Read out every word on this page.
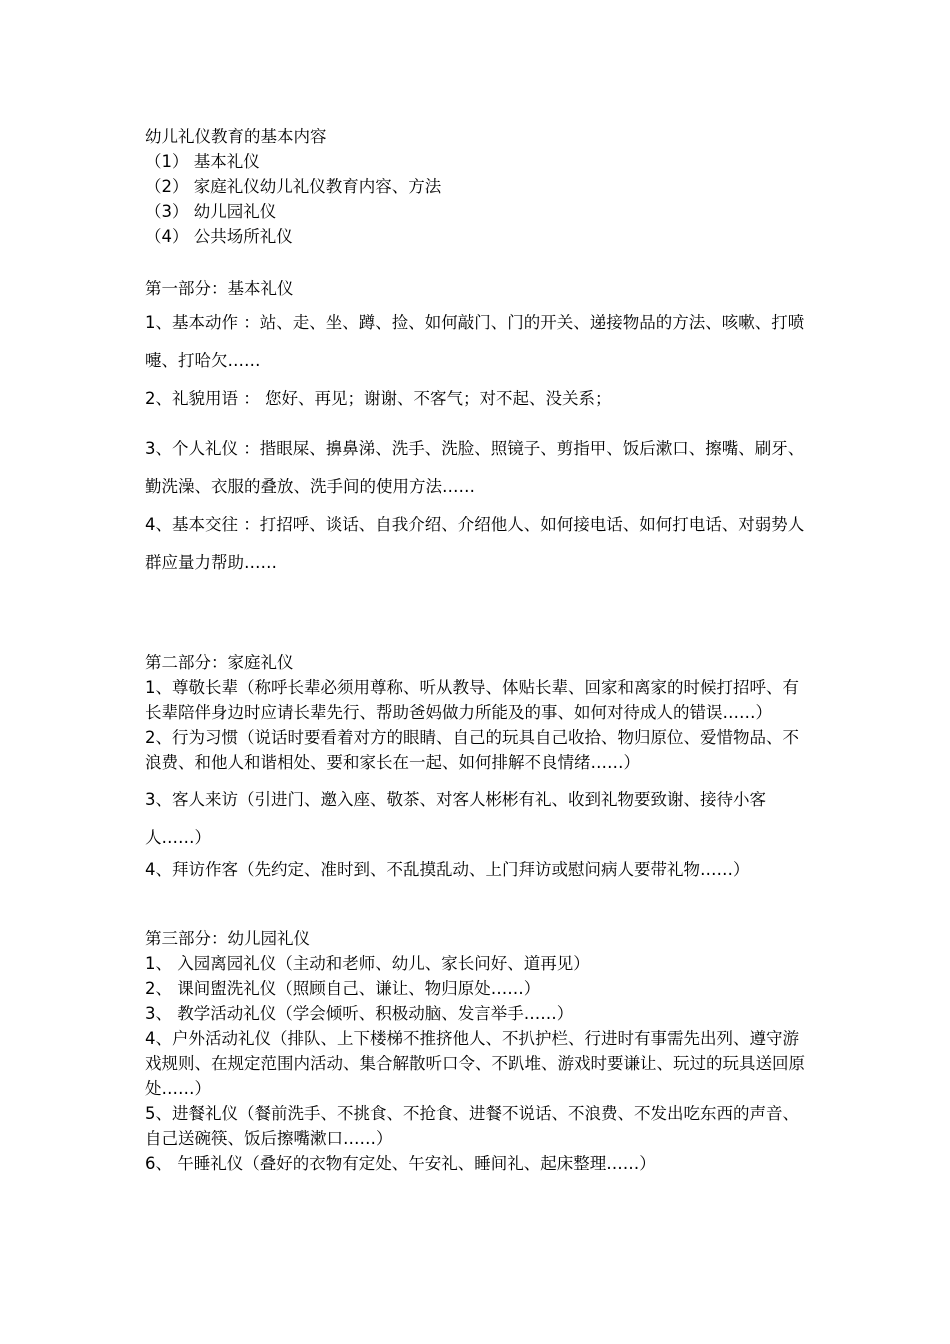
幼儿礼仪教育的基本内容
（1） 基本礼仪
（2） 家庭礼仪幼儿礼仪教育内容、方法
（3） 幼儿园礼仪
（4） 公共场所礼仪
第一部分：基本礼仪
1、基本动作 ：站、走、坐、蹲、捡、如何敲门、门的开关、递接物品的方法、咳嗽、打喷嚏、打哈欠……
2、礼貌用语 ： 您好、再见；谢谢、不客气；对不起、没关系；
3、个人礼仪 ：揩眼屎、擤鼻涕、洗手、洗脸、照镜子、剪指甲、饭后漱口、擦嘴、刷牙、勤洗澡、衣服的叠放、洗手间的使用方法……
4、基本交往 ：打招呼、谈话、自我介绍、介绍他人、如何接电话、如何打电话、对弱势人群应量力帮助……
第二部分：家庭礼仪
1、尊敬长辈（称呼长辈必须用尊称、听从教导、体贴长辈、回家和离家的时候打招呼、有长辈陪伴身边时应请长辈先行、帮助爸妈做力所能及的事、如何对待成人的错误……）
2、行为习惯（说话时要看着对方的眼睛、自己的玩具自己收拾、物归原位、爱惜物品、不浪费、和他人和谐相处、要和家长在一起、如何排解不良情绪……）
3、客人来访（引进门、邀入座、敬茶、对客人彬彬有礼、收到礼物要致谢、接待小客人……）
4、拜访作客（先约定、准时到、不乱摸乱动、上门拜访或慰问病人要带礼物……）
第三部分：幼儿园礼仪
1、 入园离园礼仪（主动和老师、幼儿、家长问好、道再见）
2、 课间盥洗礼仪（照顾自己、谦让、物归原处……）
3、 教学活动礼仪（学会倾听、积极动脑、发言举手……）
4、户外活动礼仪（排队、上下楼梯不推挤他人、不扒护栏、行进时有事需先出列、遵守游戏规则、在规定范围内活动、集合解散听口令、不趴堆、游戏时要谦让、玩过的玩具送回原处……）
5、进餐礼仪（餐前洗手、不挑食、不抢食、进餐不说话、不浪费、不发出吃东西的声音、自己送碗筷、饭后擦嘴漱口……）
6、 午睡礼仪（叠好的衣物有定处、午安礼、睡间礼、起床整理……）
